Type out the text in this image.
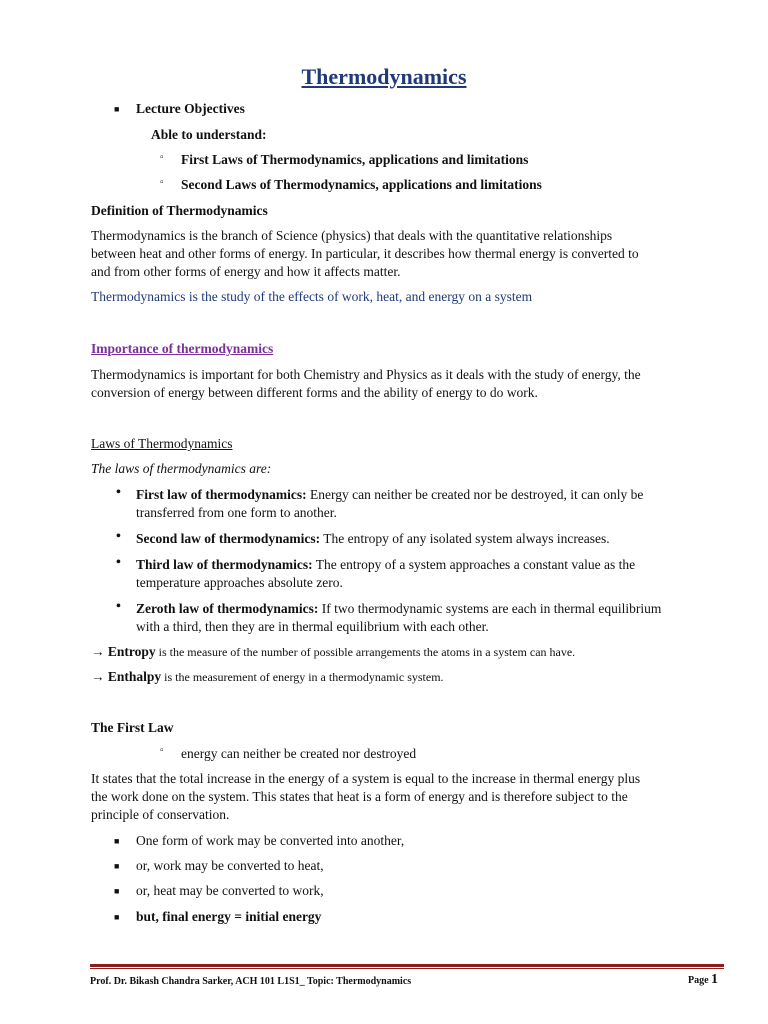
Thermodynamics
■ Lecture Objectives
Able to understand:
▫ First Laws of Thermodynamics, applications and limitations
▫ Second Laws of Thermodynamics, applications and limitations
Definition of Thermodynamics
Thermodynamics is the branch of Science (physics) that deals with the quantitative relationships
between heat and other forms of energy. In particular, it describes how thermal energy is converted to
and from other forms of energy and how it affects matter.
Thermodynamics is the study of the effects of work, heat, and energy on a system
Importance of thermodynamics
Thermodynamics is important for both Chemistry and Physics as it deals with the study of energy, the
conversion of energy between different forms and the ability of energy to do work.
Laws of Thermodynamics
The laws of thermodynamics are:
• First law of thermodynamics: Energy can neither be created nor be destroyed, it can only be
transferred from one form to another.
• Second law of thermodynamics: The entropy of any isolated system always increases.
• Third law of thermodynamics: The entropy of a system approaches a constant value as the
temperature approaches absolute zero.
• Zeroth law of thermodynamics: If two thermodynamic systems are each in thermal equilibrium
with a third, then they are in thermal equilibrium with each other.
→ Entropy is the measure of the number of possible arrangements the atoms in a system can have.
→ Enthalpy is the measurement of energy in a thermodynamic system.
The First Law
▫ energy can neither be created nor destroyed
It states that the total increase in the energy of a system is equal to the increase in thermal energy plus
the work done on the system. This states that heat is a form of energy and is therefore subject to the
principle of conservation.
■ One form of work may be converted into another,
■ or, work may be converted to heat,
■ or, heat may be converted to work,
■ but, final energy = initial energy
Prof. Dr. Bikash Chandra Sarker, ACH 101 L1S1_ Topic: Thermodynamics	Page 1
